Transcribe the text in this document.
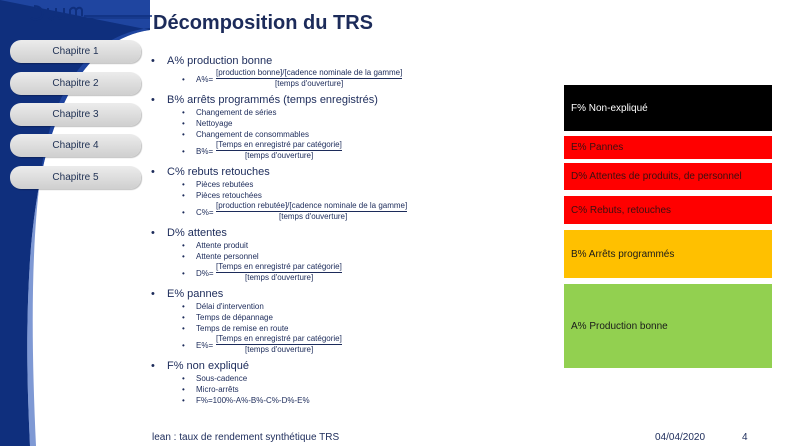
Chapitre 1
Chapitre 2
Chapitre 3
Chapitre 4
Chapitre 5
Décomposition du TRS
• A% production bonne
• A%=
[production bonne]/[cadence nominale de la gamme]
[temps d'ouverture]
• B% arrêts programmés (temps enregistrés)
• Changement de séries
• Nettoyage
• Changement de consommables
• B%=
[Temps en enregistré par catégorie]
[temps d'ouverture]
• C% rebuts retouches
• Pièces rebutées
• Pièces retouchées
• C%=
[production rebutée]/[cadence nominale de la gamme]
[temps d'ouverture]
• D% attentes
• Attente produit
• Attente personnel
• D%=
[Temps en enregistré par catégorie]
[temps d'ouverture]
• E% pannes
• Délai d'intervention
• Temps de dépannage
• Temps de remise en route
• E%=
[Temps en enregistré par catégorie]
[temps d'ouverture]
• F% non expliqué
• Sous-cadence
• Micro-arrêts
• F%=100%-A%-B%-C%-D%-E%
F% Non-expliqué
E% Pannes
D% Attentes de produits, de personnel
C% Rebuts, retouches
B% Arrêts programmés
A% Production bonne
lean : taux de rendement synthétique TRS	04/04/2020	4
